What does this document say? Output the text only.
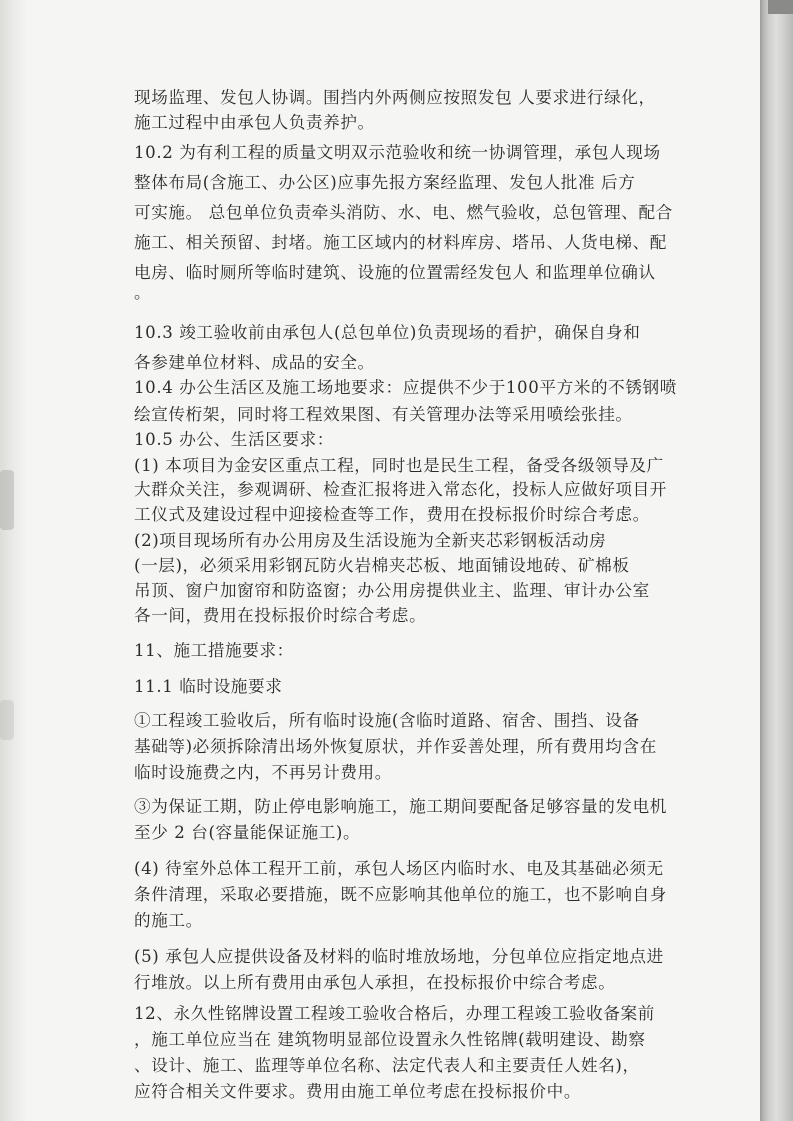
现场监理、发包人协调。围挡内外两侧应按照发包 人要求进行绿化，
施工过程中由承包人负责养护。
10.2 为有利工程的质量文明双示范验收和统一协调管理，承包人现场
整体布局(含施工、办公区)应事先报方案经监理、发包人批准 后方
可实施。 总包单位负责牵头消防、水、电、燃气验收，总包管理、配合
施工、相关预留、封堵。施工区域内的材料库房、塔吊、人货电梯、配
电房、临时厕所等临时建筑、设施的位置需经发包人 和监理单位确认
。
10.3 竣工验收前由承包人(总包单位)负责现场的看护，确保自身和
各参建单位材料、成品的安全。
10.4 办公生活区及施工场地要求：应提供不少于100平方米的不锈钢喷
绘宣传桁架，同时将工程效果图、有关管理办法等采用喷绘张挂。
10.5 办公、生活区要求：
(1) 本项目为金安区重点工程，同时也是民生工程，备受各级领导及广
大群众关注，参观调研、检查汇报将进入常态化，投标人应做好项目开
工仪式及建设过程中迎接检查等工作，费用在投标报价时综合考虑。
(2)项目现场所有办公用房及生活设施为全新夹芯彩钢板活动房
(一层)，必须采用彩钢瓦防火岩棉夹芯板、地面铺设地砖、矿棉板
吊顶、窗户加窗帘和防盗窗；办公用房提供业主、监理、审计办公室
各一间，费用在投标报价时综合考虑。
11、施工措施要求：
11.1 临时设施要求
①工程竣工验收后，所有临时设施(含临时道路、宿舍、围挡、设备
基础等)必须拆除清出场外恢复原状，并作妥善处理，所有费用均含在
临时设施费之内，不再另计费用。
③为保证工期，防止停电影响施工，施工期间要配备足够容量的发电机
至少 2 台(容量能保证施工)。
(4) 待室外总体工程开工前，承包人场区内临时水、电及其基础必须无
条件清理，采取必要措施，既不应影响其他单位的施工，也不影响自身
的施工。
(5) 承包人应提供设备及材料的临时堆放场地，分包单位应指定地点进
行堆放。以上所有费用由承包人承担，在投标报价中综合考虑。
12、永久性铭牌设置工程竣工验收合格后，办理工程竣工验收备案前
，施工单位应当在 建筑物明显部位设置永久性铭牌(载明建设、勘察
、设计、施工、监理等单位名称、法定代表人和主要责任人姓名)，
应符合相关文件要求。费用由施工单位考虑在投标报价中。
